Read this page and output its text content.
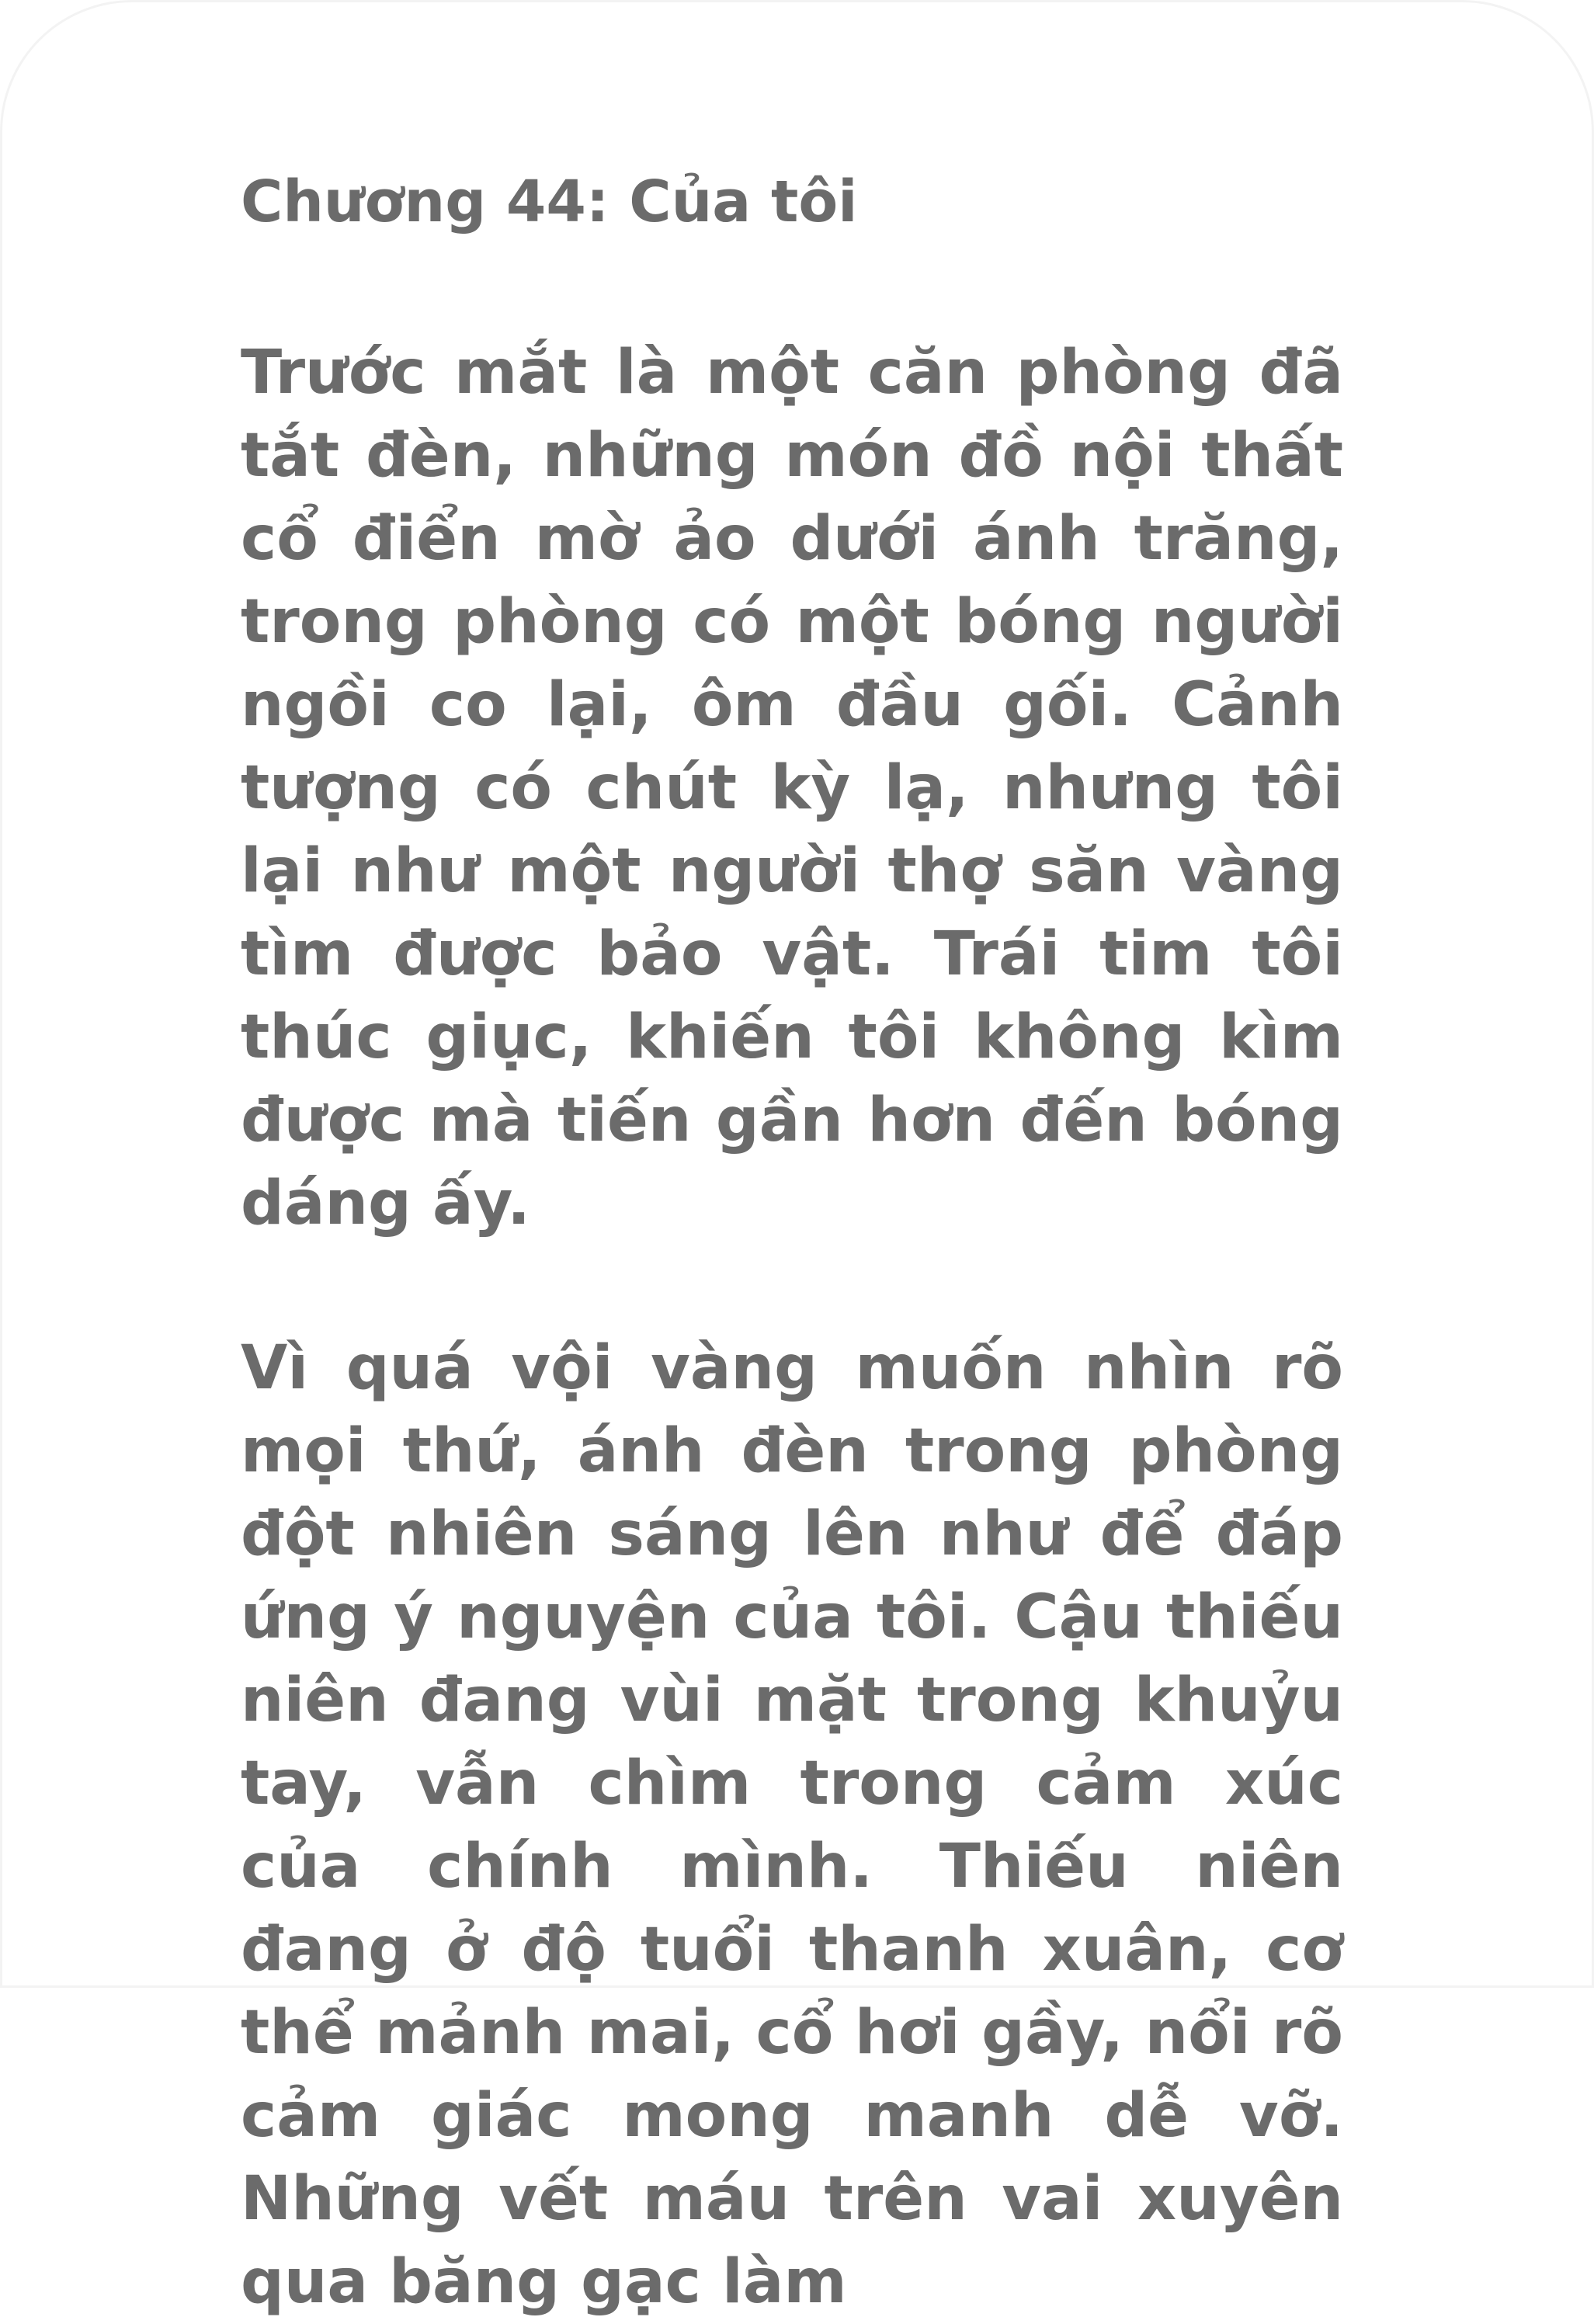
Chương 44: Của tôi

Trước mắt là một căn phòng đã tắt đèn, những món đồ nội thất cổ điển mờ ảo dưới ánh trăng, trong phòng có một bóng người ngồi co lại, ôm đầu gối. Cảnh tượng có chút kỳ lạ, nhưng tôi lại như một người thợ săn vàng tìm được bảo vật. Trái tim tôi thúc giục, khiến tôi không kìm được mà tiến gần hơn đến bóng dáng ấy.

Vì quá vội vàng muốn nhìn rõ mọi thứ, ánh đèn trong phòng đột nhiên sáng lên như để đáp ứng ý nguyện của tôi. Cậu thiếu niên đang vùi mặt trong khuỷu tay, vẫn chìm trong cảm xúc của chính mình. Thiếu niên đang ở độ tuổi thanh xuân, cơ thể mảnh mai, cổ hơi gầy, nổi rõ cảm giác mong manh dễ vỡ. Những vết máu trên vai xuyên qua băng gạc làm
